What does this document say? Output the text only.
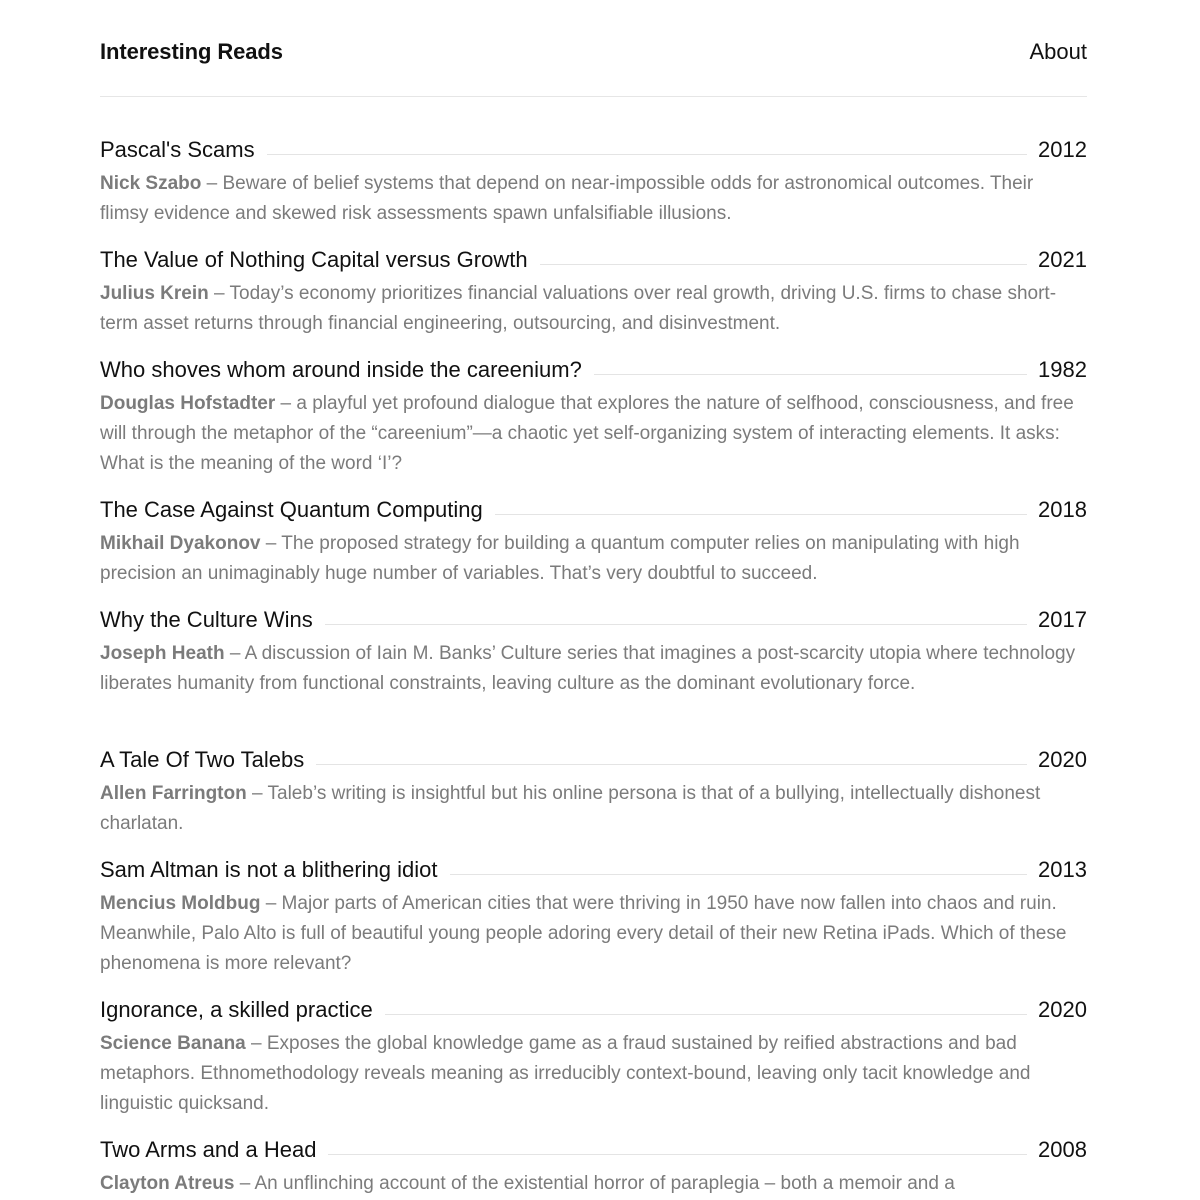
Interesting Reads	About
Pascal's Scams	2012
Nick Szabo – Beware of belief systems that depend on near-impossible odds for astronomical outcomes. Their flimsy evidence and skewed risk assessments spawn unfalsifiable illusions.
The Value of Nothing Capital versus Growth	2021
Julius Krein – Today’s economy prioritizes financial valuations over real growth, driving U.S. firms to chase short-term asset returns through financial engineering, outsourcing, and disinvestment.
Who shoves whom around inside the careenium?	1982
Douglas Hofstadter – a playful yet profound dialogue that explores the nature of selfhood, consciousness, and free will through the metaphor of the “careenium”—a chaotic yet self-organizing system of interacting elements. It asks: What is the meaning of the word ‘I’?
The Case Against Quantum Computing	2018
Mikhail Dyakonov – The proposed strategy for building a quantum computer relies on manipulating with high precision an unimaginably huge number of variables. That’s very doubtful to succeed.
Why the Culture Wins	2017
Joseph Heath – A discussion of Iain M. Banks’ Culture series that imagines a post-scarcity utopia where technology liberates humanity from functional constraints, leaving culture as the dominant evolutionary force.
A Tale Of Two Talebs	2020
Allen Farrington – Taleb’s writing is insightful but his online persona is that of a bullying, intellectually dishonest charlatan.
Sam Altman is not a blithering idiot	2013
Mencius Moldbug – Major parts of American cities that were thriving in 1950 have now fallen into chaos and ruin. Meanwhile, Palo Alto is full of beautiful young people adoring every detail of their new Retina iPads. Which of these phenomena is more relevant?
Ignorance, a skilled practice	2020
Science Banana – Exposes the global knowledge game as a fraud sustained by reified abstractions and bad metaphors. Ethnomethodology reveals meaning as irreducibly context-bound, leaving only tacit knowledge and linguistic quicksand.
Two Arms and a Head	2008
Clayton Atreus – An unflinching account of the existential horror of paraplegia – both a memoir and a
